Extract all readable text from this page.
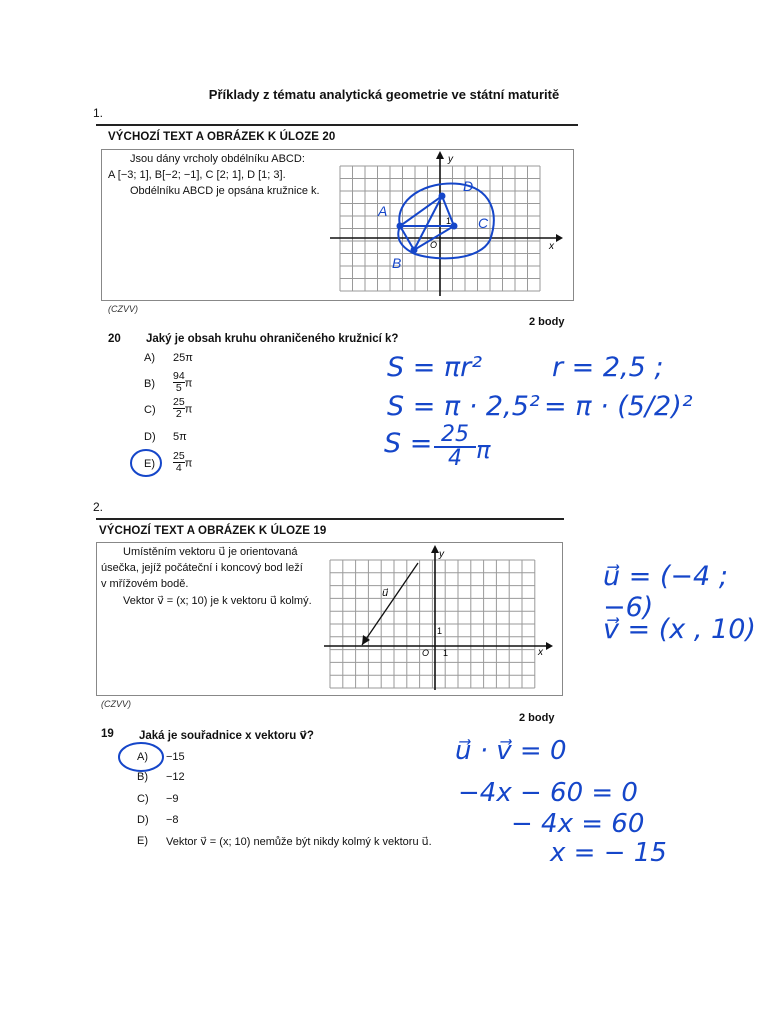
Příklady z tématu analytická geometrie ve státní maturitě
1.
VÝCHOZÍ TEXT A OBRÁZEK K ÚLOZE 20
Jsou dány vrcholy obdélníku ABCD:
A [−3; 1], B[−2; −1], C [2; 1], D [1; 3].
Obdélníku ABCD je opsána kružnice k.
x
y
O
1
A
B
C
D
(CZVV)
2 body
20 Jaký je obsah kruhu ohraničeného kružnicí k?
A) 25π
$B) \frac{94}{5}$ π
$C) \frac{25}{2}$ π
D) 5π
$E) \frac{25}{4}$ π
S = πr²	r = 2,5 ;
S = π · 2,5² = π · (5/2)²
S = 25
4 π
2.
VÝCHOZÍ TEXT A OBRÁZEK K ÚLOZE 19
Umístěním vektoru u⃗ je orientovaná
úsečka, jejíž počáteční i koncový bod leží
v mřížovém bodě.
Vektor v⃗ = (x; 10) je k vektoru u⃗ kolmý.
x
y
O
1
1
u⃗
(CZVV)
2 body
19 Jaká je souřadnice x vektoru v⃗?
A) −15
B) −12
C) −9
D) −8
E) Vektor v⃗ = (x; 10) nemůže být nikdy kolmý k vektoru u⃗.
u⃗ = (−4 ; −6)
v⃗ = (x , 10)
u⃗ · v⃗ = 0
−4x − 60 = 0
− 4x = 60
x = − 15
